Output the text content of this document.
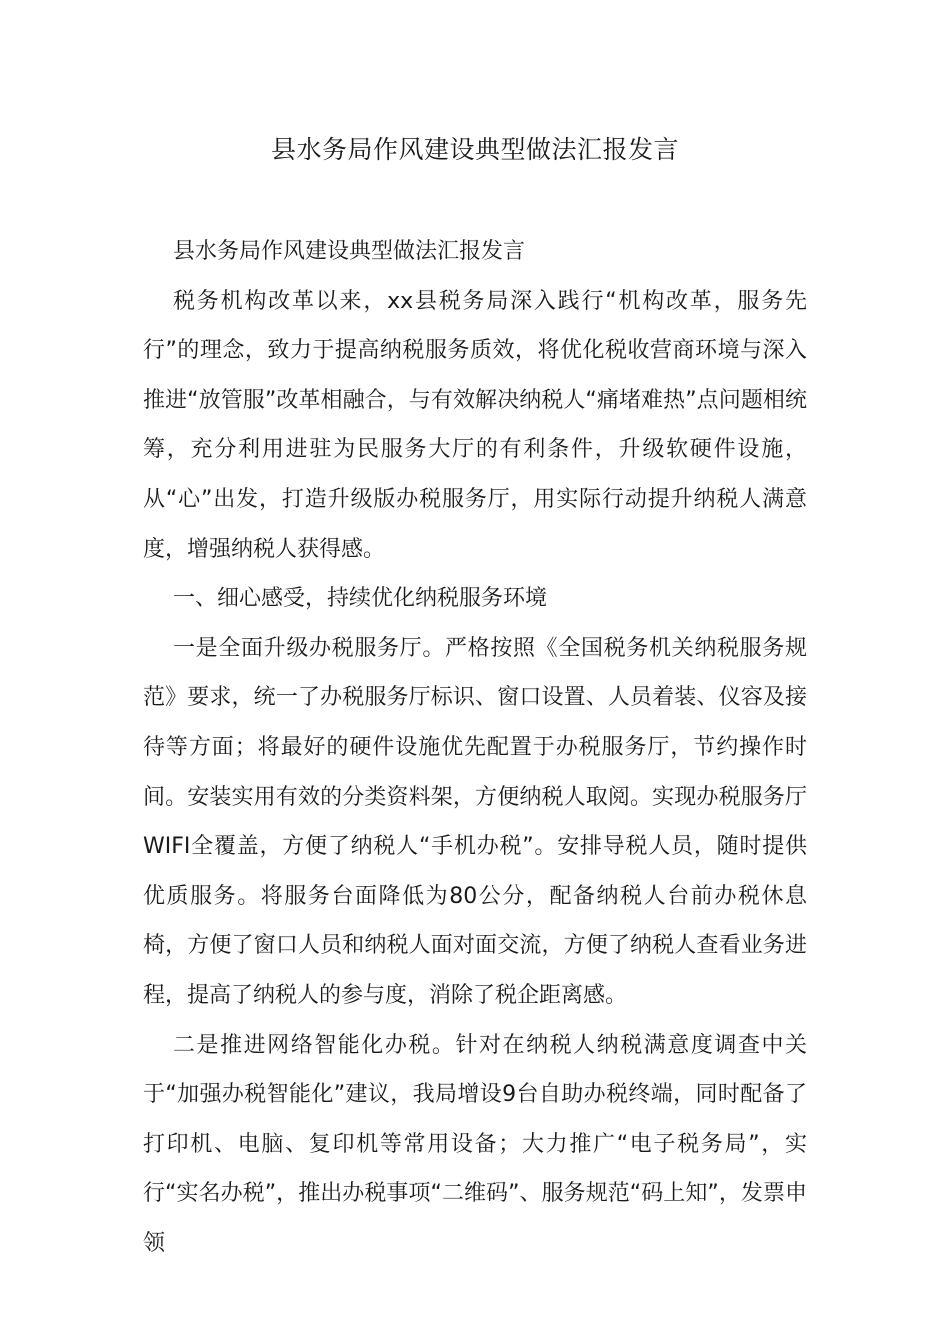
县水务局作风建设典型做法汇报发言

县水务局作风建设典型做法汇报发言

税务机构改革以来，xx县税务局深入践行“机构改革，服务先行”的理念，致力于提高纳税服务质效，将优化税收营商环境与深入推进“放管服”改革相融合，与有效解决纳税人“痛堵难热”点问题相统筹，充分利用进驻为民服务大厅的有利条件，升级软硬件设施，从“心”出发，打造升级版办税服务厅，用实际行动提升纳税人满意度，增强纳税人获得感。

一、细心感受，持续优化纳税服务环境

一是全面升级办税服务厅。严格按照《全国税务机关纳税服务规范》要求，统一了办税服务厅标识、窗口设置、人员着装、仪容及接待等方面；将最好的硬件设施优先配置于办税服务厅，节约操作时间。安装实用有效的分类资料架，方便纳税人取阅。实现办税服务厅WIFI全覆盖，方便了纳税人“手机办税”。安排导税人员，随时提供优质服务。将服务台面降低为80公分，配备纳税人台前办税休息椅，方便了窗口人员和纳税人面对面交流，方便了纳税人查看业务进程，提高了纳税人的参与度，消除了税企距离感。

二是推进网络智能化办税。针对在纳税人纳税满意度调查中关于“加强办税智能化”建议，我局增设9台自助办税终端，同时配备了打印机、电脑、复印机等常用设备；大力推广“电子税务局”，实行“实名办税”，推出办税事项“二维码”、服务规范“码上知”，发票申领
